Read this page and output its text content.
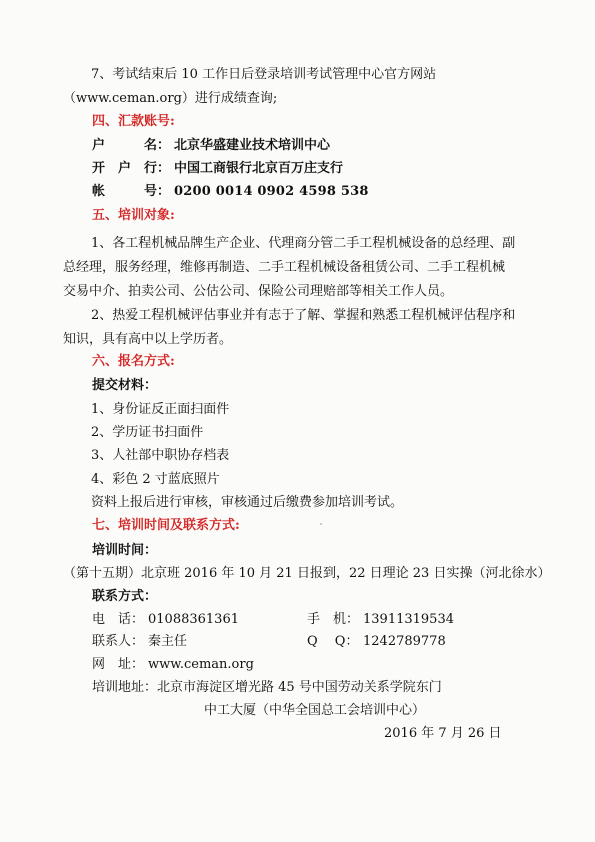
7、考试结束后 10 工作日后登录培训考试管理中心官方网站
（www.ceman.org）进行成绩查询;
四、汇款账号:
户　　　名： 北京华盛建业技术培训中心
开　户　行： 中国工商银行北京百万庄支行
帐　　　号： 0200 0014 0902 4598 538
五、培训对象:
1、各工程机械品牌生产企业、代理商分管二手工程机械设备的总经理、副
总经理，服务经理，维修再制造、二手工程机械设备租赁公司、二手工程机械
交易中介、拍卖公司、公估公司、保险公司理赔部等相关工作人员。
2、热爱工程机械评估事业并有志于了解、掌握和熟悉工程机械评估程序和
知识，具有高中以上学历者。
六、报名方式:
提交材料：
1、身份证反正面扫面件
2、学历证书扫面件
3、人社部中职协存档表
4、彩色 2 寸蓝底照片
资料上报后进行审核，审核通过后缴费参加培训考试。
七、培训时间及联系方式:
培训时间：
（第十五期）北京班 2016 年 10 月 21 日报到，22 日理论 23 日实操（河北徐水）
联系方式：
电　话： 01088361361	手　机： 13911319534
联系人： 秦主任	Q　 Q： 1242789778
网　址： www.ceman.org
培训地址：北京市海淀区增光路 45 号中国劳动关系学院东门
中工大厦（中华全国总工会培训中心）
2016 年 7 月 26 日
